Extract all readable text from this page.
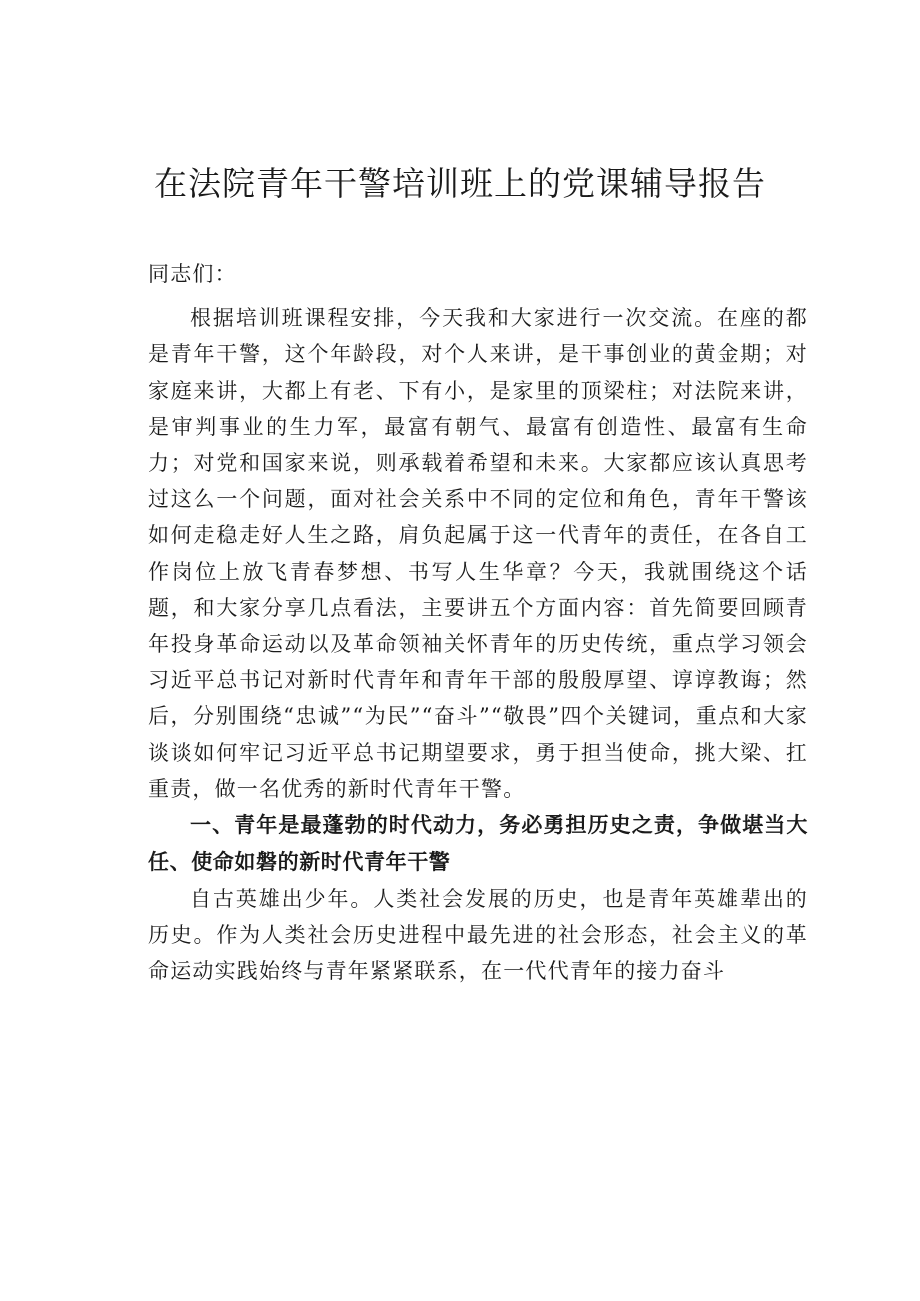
在法院青年干警培训班上的党课辅导报告

同志们：

根据培训班课程安排，今天我和大家进行一次交流。在座的都是青年干警，这个年龄段，对个人来讲，是干事创业的黄金期；对家庭来讲，大都上有老、下有小，是家里的顶梁柱；对法院来讲，是审判事业的生力军，最富有朝气、最富有创造性、最富有生命力；对党和国家来说，则承载着希望和未来。大家都应该认真思考过这么一个问题，面对社会关系中不同的定位和角色，青年干警该如何走稳走好人生之路，肩负起属于这一代青年的责任，在各自工作岗位上放飞青春梦想、书写人生华章？今天，我就围绕这个话题，和大家分享几点看法，主要讲五个方面内容：首先简要回顾青年投身革命运动以及革命领袖关怀青年的历史传统，重点学习领会习近平总书记对新时代青年和青年干部的殷殷厚望、谆谆教诲；然后，分别围绕“忠诚”“为民”“奋斗”“敬畏”四个关键词，重点和大家谈谈如何牢记习近平总书记期望要求，勇于担当使命，挑大梁、扛重责，做一名优秀的新时代青年干警。

一、青年是最蓬勃的时代动力，务必勇担历史之责，争做堪当大任、使命如磐的新时代青年干警

自古英雄出少年。人类社会发展的历史，也是青年英雄辈出的历史。作为人类社会历史进程中最先进的社会形态，社会主义的革命运动实践始终与青年紧紧联系，在一代代青年的接力奋斗
